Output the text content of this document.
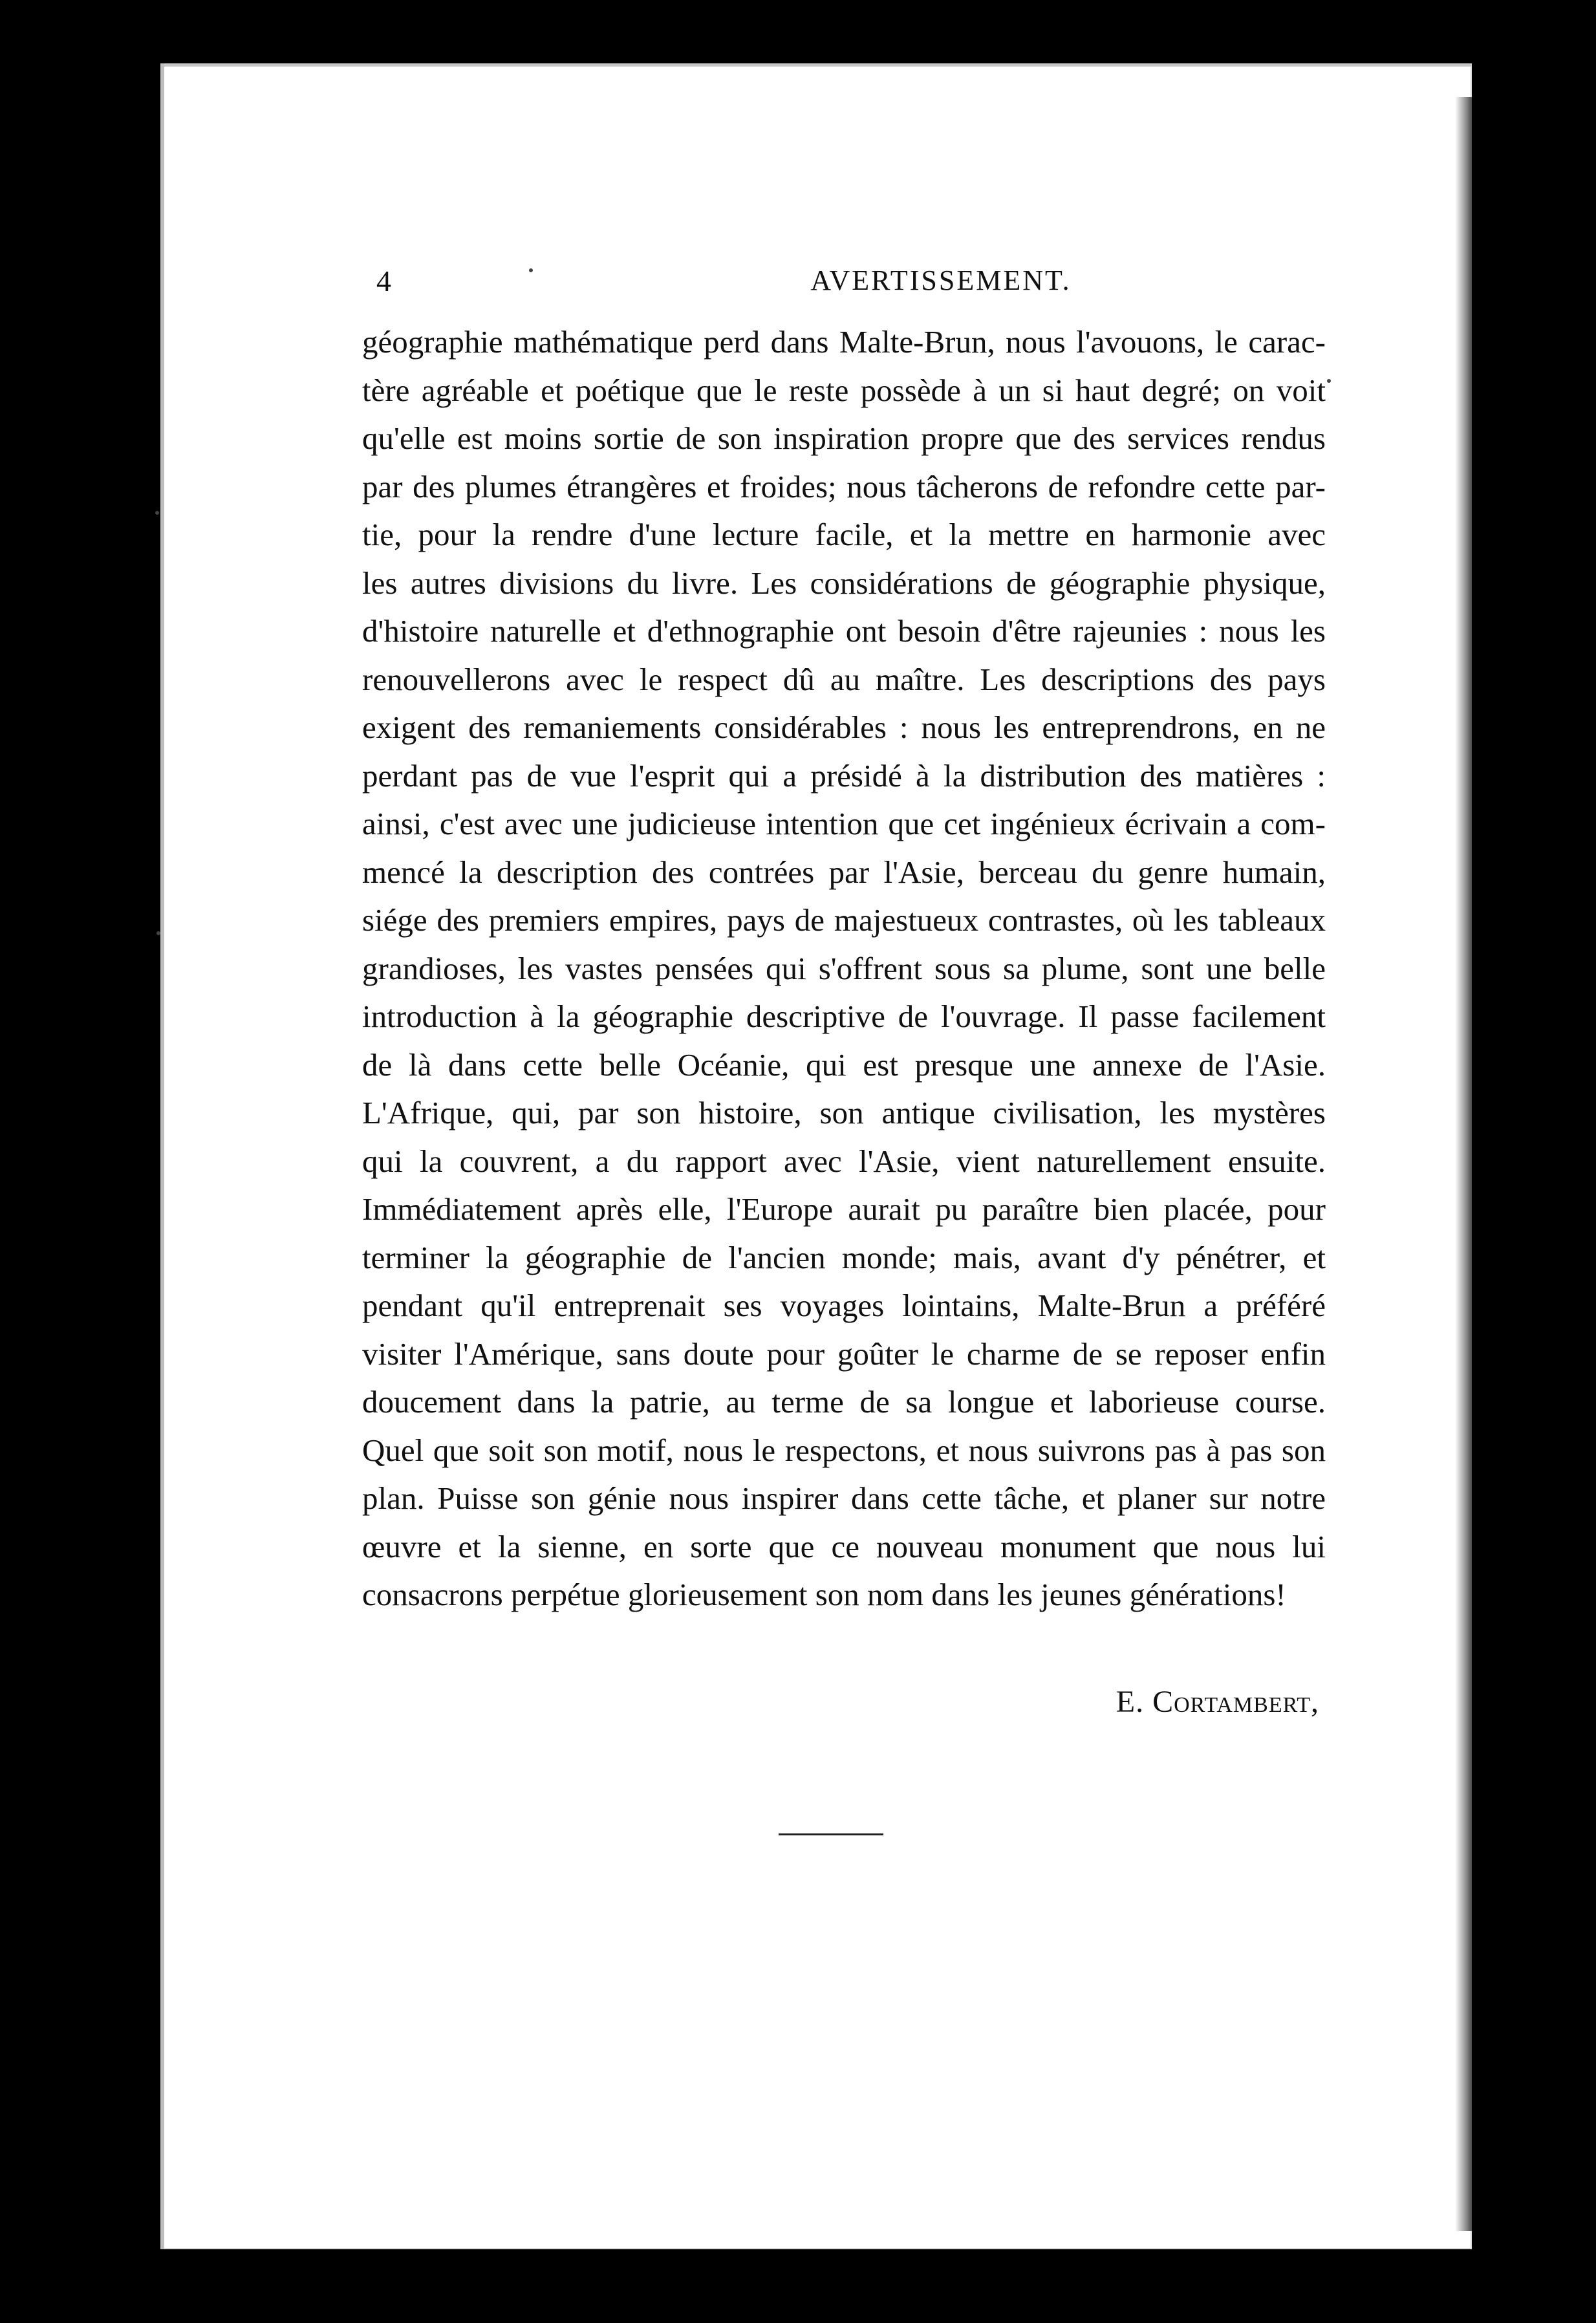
4	AVERTISSEMENT.
géographie mathématique perd dans Malte-Brun, nous l'avouons, le carac-
tère agréable et poétique que le reste possède à un si haut degré; on voit
qu'elle est moins sortie de son inspiration propre que des services rendus
par des plumes étrangères et froides; nous tâcherons de refondre cette par-
tie, pour la rendre d'une lecture facile, et la mettre en harmonie avec
les autres divisions du livre. Les considérations de géographie physique,
d'histoire naturelle et d'ethnographie ont besoin d'être rajeunies : nous les
renouvellerons avec le respect dû au maître. Les descriptions des pays
exigent des remaniements considérables : nous les entreprendrons, en ne
perdant pas de vue l'esprit qui a présidé à la distribution des matières :
ainsi, c'est avec une judicieuse intention que cet ingénieux écrivain a com-
mencé la description des contrées par l'Asie, berceau du genre humain,
siége des premiers empires, pays de majestueux contrastes, où les tableaux
grandioses, les vastes pensées qui s'offrent sous sa plume, sont une belle
introduction à la géographie descriptive de l'ouvrage. Il passe facilement
de là dans cette belle Océanie, qui est presque une annexe de l'Asie.
L'Afrique, qui, par son histoire, son antique civilisation, les mystères
qui la couvrent, a du rapport avec l'Asie, vient naturellement ensuite.
Immédiatement après elle, l'Europe aurait pu paraître bien placée, pour
terminer la géographie de l'ancien monde; mais, avant d'y pénétrer, et
pendant qu'il entreprenait ses voyages lointains, Malte-Brun a préféré
visiter l'Amérique, sans doute pour goûter le charme de se reposer enfin
doucement dans la patrie, au terme de sa longue et laborieuse course.
Quel que soit son motif, nous le respectons, et nous suivrons pas à pas son
plan. Puisse son génie nous inspirer dans cette tâche, et planer sur notre
œuvre et la sienne, en sorte que ce nouveau monument que nous lui
consacrons perpétue glorieusement son nom dans les jeunes générations!
E. Cortambert,
